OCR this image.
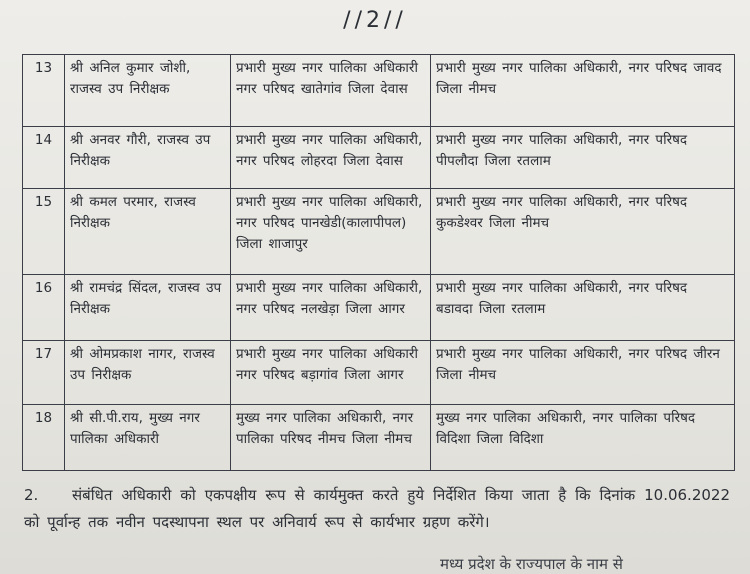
//2//
13	श्री अनिल कुमार जोशी, राजस्व उप निरीक्षक	प्रभारी मुख्य नगर पालिका अधिकारी नगर परिषद खातेगांव जिला देवास	प्रभारी मुख्य नगर पालिका अधिकारी, नगर परिषद जावद जिला नीमच
14	श्री अनवर गौरी, राजस्व उप निरीक्षक	प्रभारी मुख्य नगर पालिका अधिकारी, नगर परिषद लोहरदा जिला देवास	प्रभारी मुख्य नगर पालिका अधिकारी, नगर परिषद पीपलौदा जिला रतलाम
15	श्री कमल परमार, राजस्व निरीक्षक	प्रभारी मुख्य नगर पालिका अधिकारी, नगर परिषद पानखेडी(कालापीपल) जिला शाजापुर	प्रभारी मुख्य नगर पालिका अधिकारी, नगर परिषद कुकडेश्वर जिला नीमच
16	श्री रामचंद्र सिंदल, राजस्व उप निरीक्षक	प्रभारी मुख्य नगर पालिका अधिकारी, नगर परिषद नलखेड़ा जिला आगर	प्रभारी मुख्य नगर पालिका अधिकारी, नगर परिषद बडावदा जिला रतलाम
17	श्री ओमप्रकाश नागर, राजस्व उप निरीक्षक	प्रभारी मुख्य नगर पालिका अधिकारी नगर परिषद बड़ागांव जिला आगर	प्रभारी मुख्य नगर पालिका अधिकारी, नगर परिषद जीरन जिला नीमच
18	श्री सी.पी.राय, मुख्य नगर पालिका अधिकारी	मुख्य नगर पालिका अधिकारी, नगर पालिका परिषद नीमच जिला नीमच	मुख्य नगर पालिका अधिकारी, नगर पालिका परिषद विदिशा जिला विदिशा
2. संबंधित अधिकारी को एकपक्षीय रूप से कार्यमुक्त करते हुये निर्देशित किया जाता है कि दिनांक 10.06.2022 को पूर्वान्ह तक नवीन पदस्थापना स्थल पर अनिवार्य रूप से कार्यभार ग्रहण करेंगे।
मध्य प्रदेश के राज्यपाल के नाम से
